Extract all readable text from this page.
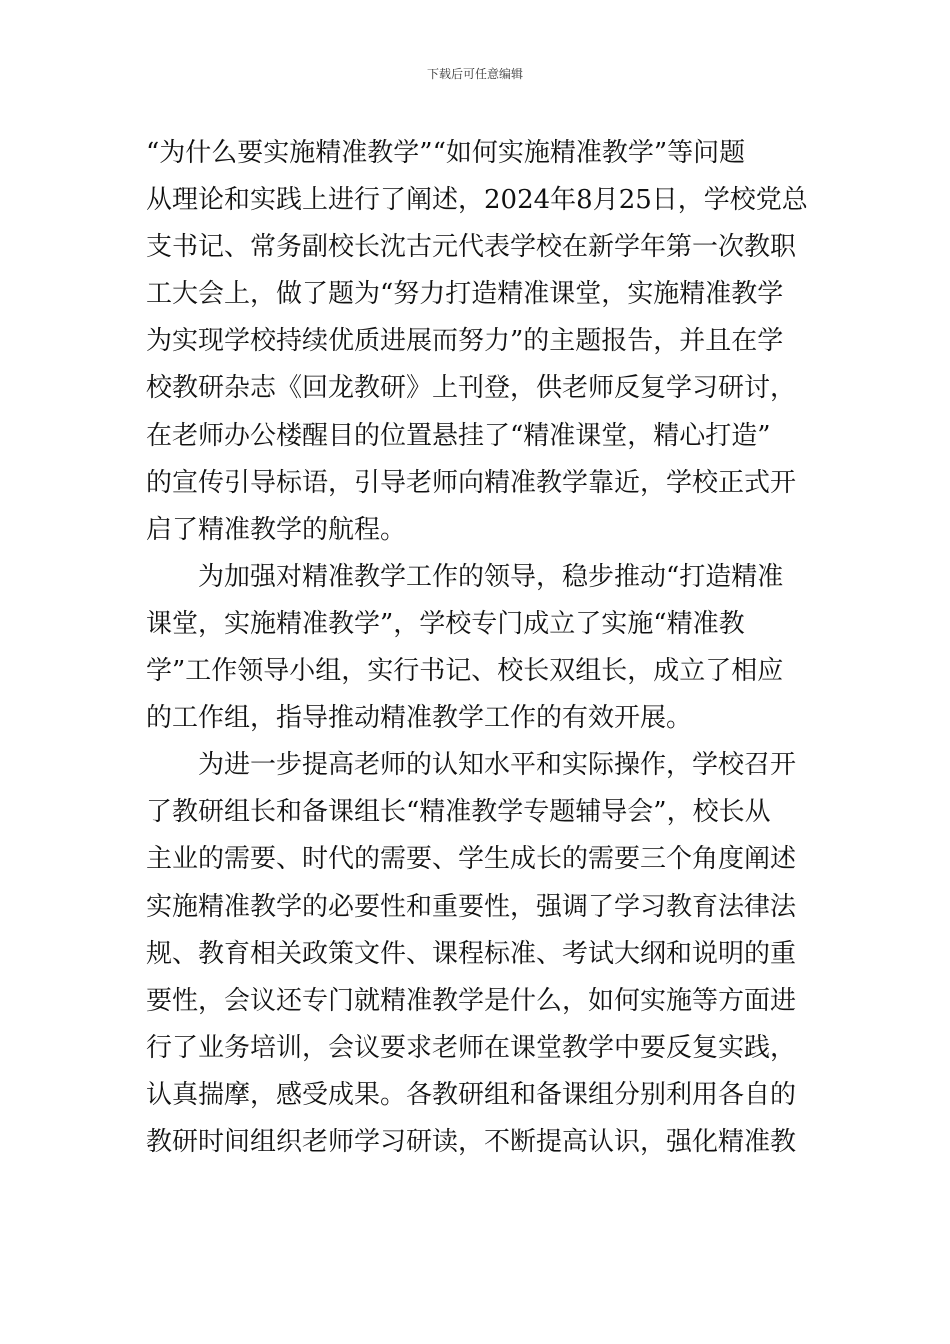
下载后可任意编辑
“为什么要实施精准教学”“如何实施精准教学”等问题
从理论和实践上进行了阐述，2024年8月25日，学校党总
支书记、常务副校长沈古元代表学校在新学年第一次教职
工大会上，做了题为“努力打造精准课堂，实施精准教学
为实现学校持续优质进展而努力”的主题报告，并且在学
校教研杂志《回龙教研》上刊登，供老师反复学习研讨，
在老师办公楼醒目的位置悬挂了“精准课堂，精心打造”
的宣传引导标语，引导老师向精准教学靠近，学校正式开
启了精准教学的航程。
为加强对精准教学工作的领导，稳步推动“打造精准
课堂，实施精准教学”，学校专门成立了实施“精准教
学”工作领导小组，实行书记、校长双组长，成立了相应
的工作组，指导推动精准教学工作的有效开展。
为进一步提高老师的认知水平和实际操作，学校召开
了教研组长和备课组长“精准教学专题辅导会”，校长从
主业的需要、时代的需要、学生成长的需要三个角度阐述
实施精准教学的必要性和重要性，强调了学习教育法律法
规、教育相关政策文件、课程标准、考试大纲和说明的重
要性，会议还专门就精准教学是什么，如何实施等方面进
行了业务培训，会议要求老师在课堂教学中要反复实践，
认真揣摩，感受成果。各教研组和备课组分别利用各自的
教研时间组织老师学习研读，不断提高认识，强化精准教
